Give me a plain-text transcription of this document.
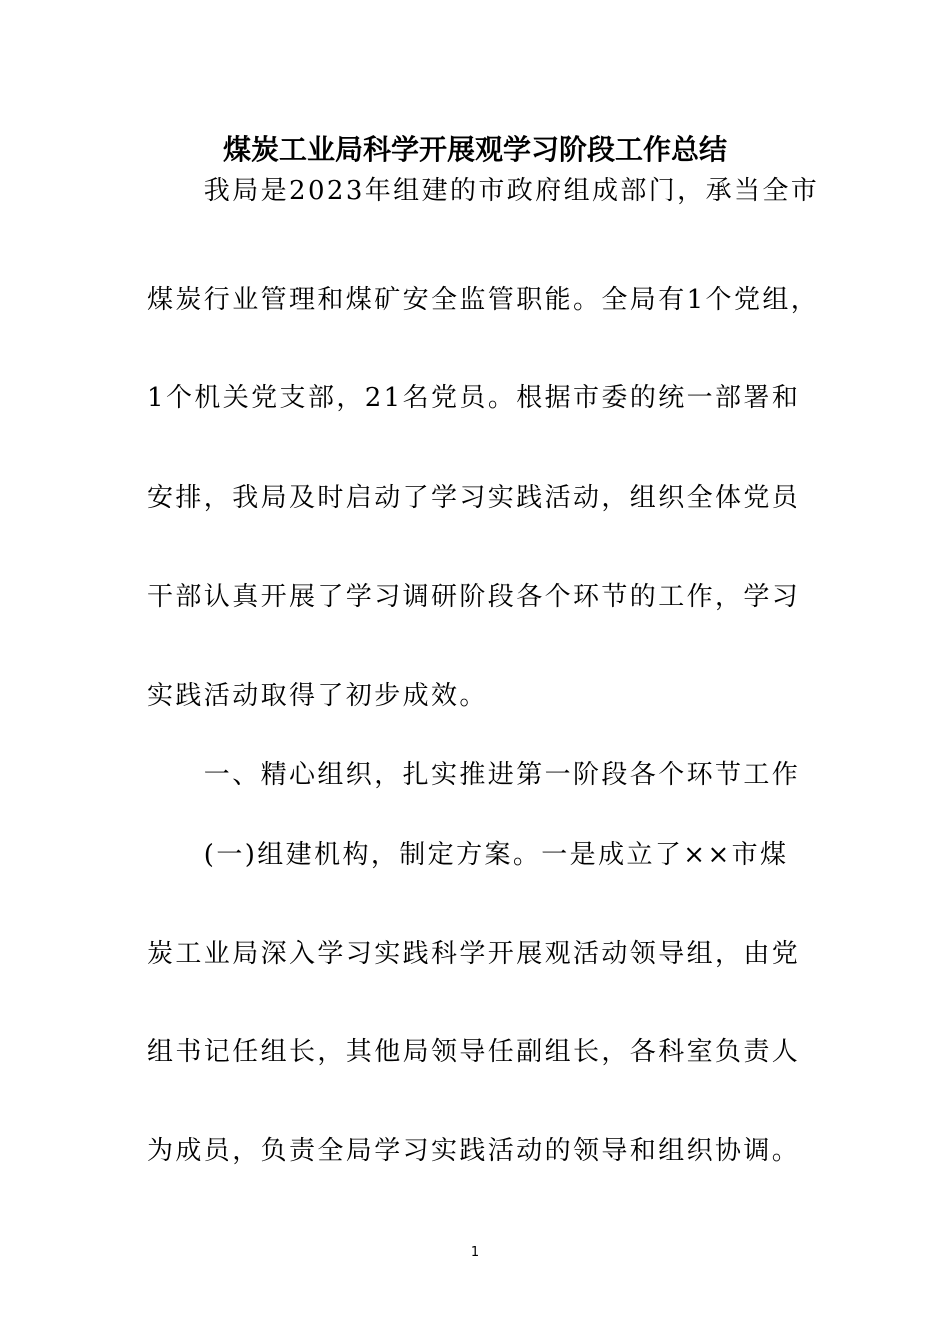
煤炭工业局科学开展观学习阶段工作总结
　　我局是2023年组建的市政府组成部门，承当全市
煤炭行业管理和煤矿安全监管职能。全局有1个党组，
1个机关党支部，21名党员。根据市委的统一部署和
安排，我局及时启动了学习实践活动，组织全体党员
干部认真开展了学习调研阶段各个环节的工作，学习
实践活动取得了初步成效。
　　一、精心组织，扎实推进第一阶段各个环节工作
　　(一)组建机构，制定方案。一是成立了××市煤
炭工业局深入学习实践科学开展观活动领导组，由党
组书记任组长，其他局领导任副组长，各科室负责人
为成员，负责全局学习实践活动的领导和组织协调。
1
